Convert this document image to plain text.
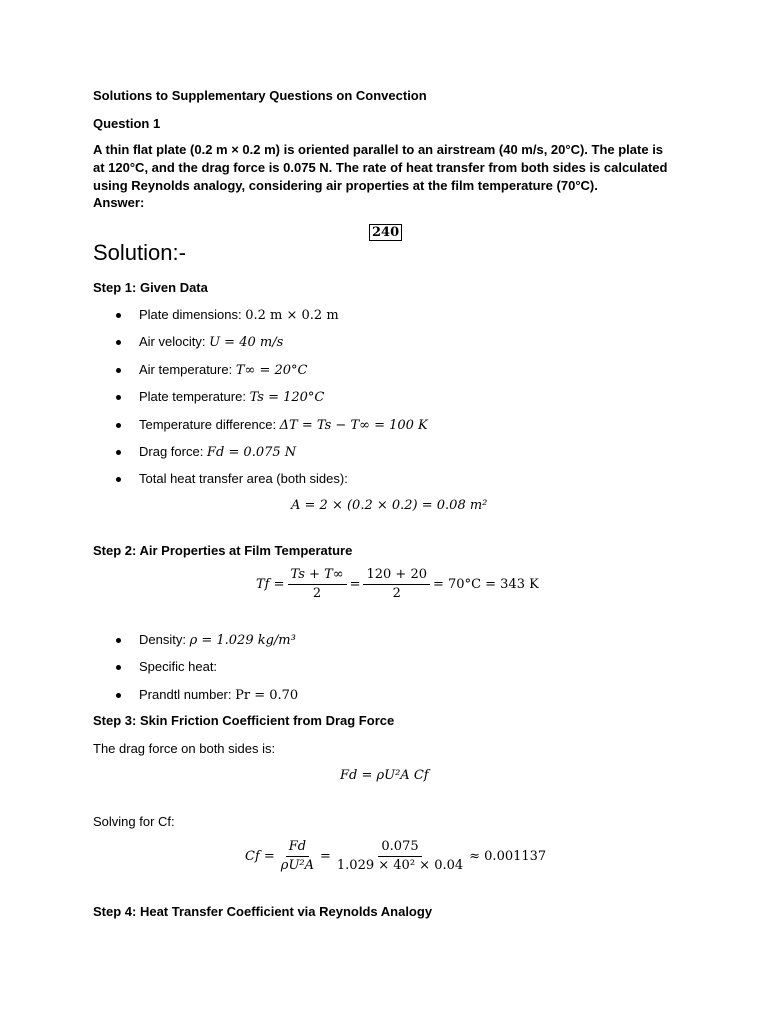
Solutions to Supplementary Questions on Convection
Question 1
A thin flat plate (0.2 m × 0.2 m) is oriented parallel to an airstream (40 m/s, 20°C). The plate is at 120°C, and the drag force is 0.075 N. The rate of heat transfer from both sides is calculated using Reynolds analogy, considering air properties at the film temperature (70°C).
Answer:
240
Solution:-
Step 1: Given Data
Plate dimensions: 0.2 m × 0.2 m
Air velocity: U = 40 m/s
Air temperature: T∞ = 20°C
Plate temperature: Ts = 120°C
Temperature difference: ΔT = Ts − T∞ = 100 K
Drag force: Fd = 0.075 N
Total heat transfer area (both sides):
A = 2 × (0.2 × 0.2) = 0.08 m²
Step 2: Air Properties at Film Temperature
$Tf = \frac{Ts + T\infty}{2} = \frac{120 + 20}{2} = 70^\circ C = 343$ K
Density: ρ = 1.029 kg/m³
Specific heat:
Prandtl number: Pr = 0.70
Step 3: Skin Friction Coefficient from Drag Force
The drag force on both sides is:
Fd = ρU²A Cf
Solving for Cf:
$Cf = \frac{Fd}{\text{ρU²A}} = \frac{0.075}{\text{1.029 × 40² × 0.04}} \approx 0.001137$
Step 4: Heat Transfer Coefficient via Reynolds Analogy
